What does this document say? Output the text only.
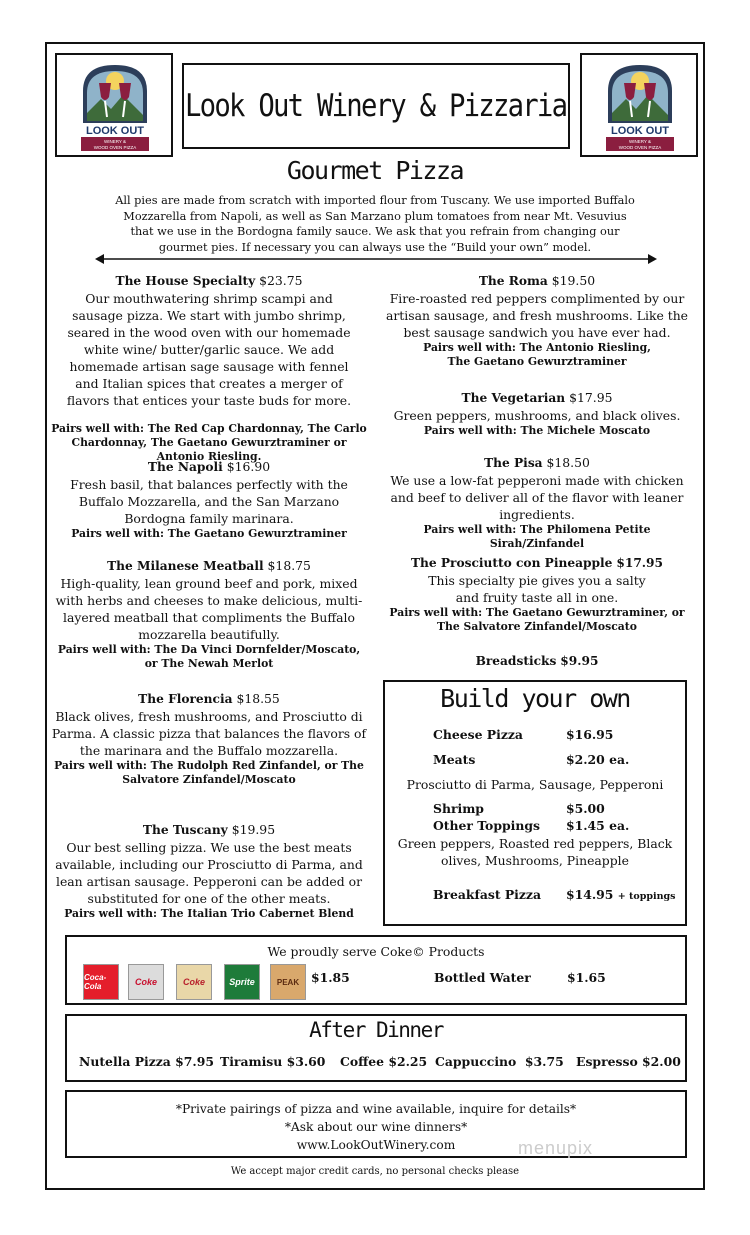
LOOK OUT
WINERY &
WOOD OVEN PIZZA
LOOK OUT
WINERY &
WOOD OVEN PIZZA
Look Out Winery & Pizzaria
Gourmet Pizza
All pies are made from scratch with imported flour from Tuscany. We use imported Buffalo Mozzarella from Napoli, as well as San Marzano plum tomatoes from near Mt. Vesuvius that we use in the Bordogna family sauce. We ask that you refrain from changing our gourmet pies. If necessary you can always use the “Build your own” model.
The House Specialty $23.75
Our mouthwatering shrimp scampi and sausage pizza. We start with jumbo shrimp, seared in the wood oven with our homemade white wine/ butter/garlic sauce. We add homemade artisan sage sausage with fennel and Italian spices that creates a merger of flavors that entices your taste buds for more.
Pairs well with: The Red Cap Chardonnay, The Carlo Chardonnay, The Gaetano Gewurztraminer or Antonio Riesling.
The Napoli $16.90
Fresh basil, that balances perfectly with the Buffalo Mozzarella, and the San Marzano Bordogna family marinara.
Pairs well with: The Gaetano Gewurztraminer
The Milanese Meatball $18.75
High-quality, lean ground beef and pork, mixed with herbs and cheeses to make delicious, multi-layered meatball that compliments the Buffalo mozzarella beautifully.
Pairs well with: The Da Vinci Dornfelder/Moscato, or The Newah Merlot
The Florencia $18.55
Black olives, fresh mushrooms, and Prosciutto di Parma. A classic pizza that balances the flavors of the marinara and the Buffalo mozzarella.
Pairs well with: The Rudolph Red Zinfandel, or The Salvatore Zinfandel/Moscato
The Tuscany $19.95
Our best selling pizza. We use the best meats available, including our Prosciutto di Parma, and lean artisan sausage. Pepperoni can be added or substituted for one of the other meats.
Pairs well with: The Italian Trio Cabernet Blend
The Roma $19.50
Fire-roasted red peppers complimented by our artisan sausage, and fresh mushrooms. Like the best sausage sandwich you have ever had.
Pairs well with: The Antonio Riesling, The Gaetano Gewurztraminer
The Vegetarian $17.95
Green peppers, mushrooms, and black olives.
Pairs well with: The Michele Moscato
The Pisa $18.50
We use a low-fat pepperoni made with chicken and beef to deliver all of the flavor with leaner ingredients.
Pairs well with: The Philomena Petite Sirah/Zinfandel
The Prosciutto con Pineapple $17.95
This specialty pie gives you a salty and fruity taste all in one.
Pairs well with: The Gaetano Gewurztraminer, or The Salvatore Zinfandel/Moscato
Breadsticks $9.95
Build your own
Cheese Pizza	$16.95
Meats	$2.20 ea.
Prosciutto di Parma, Sausage, Pepperoni
Shrimp	$5.00
Other Toppings $1.45 ea.
Green peppers, Roasted red peppers, Black olives, Mushrooms, Pineapple
Breakfast Pizza $14.95 + toppings
We proudly serve Coke© Products
Coca-Cola	Coke	Coke	Sprite	PEAK $1.85	Bottled Water	$1.65
After Dinner
Nutella Pizza $7.95 Tiramisu $3.60 Coffee $2.25 Cappuccino  $3.75 Espresso $2.00
*Private pairings of pizza and wine available, inquire for details*
*Ask about our wine dinners*
www.LookOutWinery.com	menupix
We accept major credit cards, no personal checks please
